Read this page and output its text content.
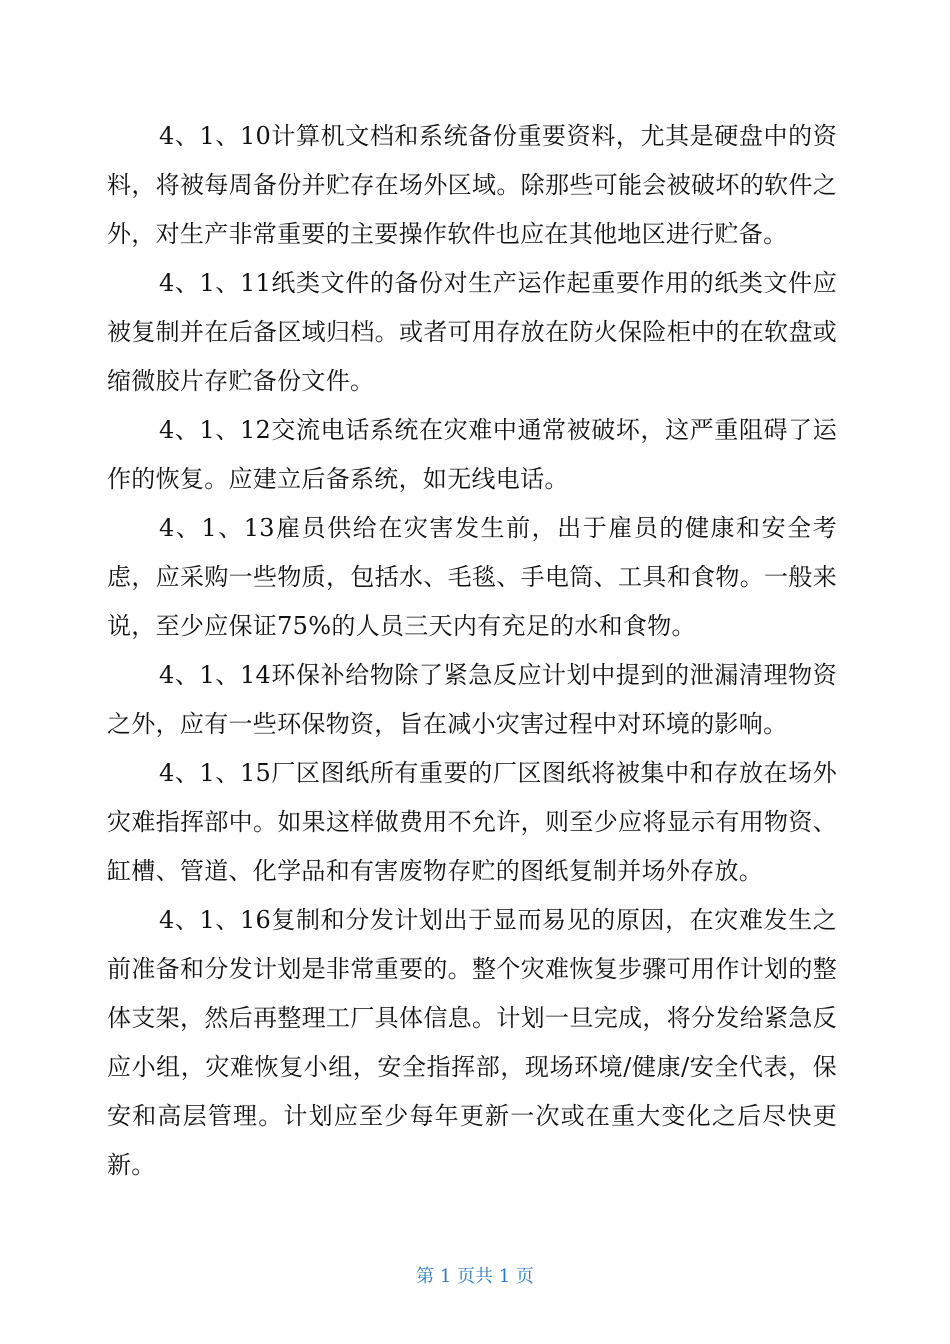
4、1、10计算机文档和系统备份重要资料，尤其是硬盘中的资料，将被每周备份并贮存在场外区域。除那些可能会被破坏的软件之外，对生产非常重要的主要操作软件也应在其他地区进行贮备。

4、1、11纸类文件的备份对生产运作起重要作用的纸类文件应被复制并在后备区域归档。或者可用存放在防火保险柜中的在软盘或缩微胶片存贮备份文件。

4、1、12交流电话系统在灾难中通常被破坏，这严重阻碍了运作的恢复。应建立后备系统，如无线电话。

4、1、13雇员供给在灾害发生前，出于雇员的健康和安全考虑，应采购一些物质，包括水、毛毯、手电筒、工具和食物。一般来说，至少应保证75%的人员三天内有充足的水和食物。

4、1、14环保补给物除了紧急反应计划中提到的泄漏清理物资之外，应有一些环保物资，旨在减小灾害过程中对环境的影响。

4、1、15厂区图纸所有重要的厂区图纸将被集中和存放在场外灾难指挥部中。如果这样做费用不允许，则至少应将显示有用物资、缸槽、管道、化学品和有害废物存贮的图纸复制并场外存放。

4、1、16复制和分发计划出于显而易见的原因，在灾难发生之前准备和分发计划是非常重要的。整个灾难恢复步骤可用作计划的整体支架，然后再整理工厂具体信息。计划一旦完成，将分发给紧急反应小组，灾难恢复小组，安全指挥部，现场环境/健康/安全代表，保安和高层管理。计划应至少每年更新一次或在重大变化之后尽快更新。

第 1 页共 1 页
